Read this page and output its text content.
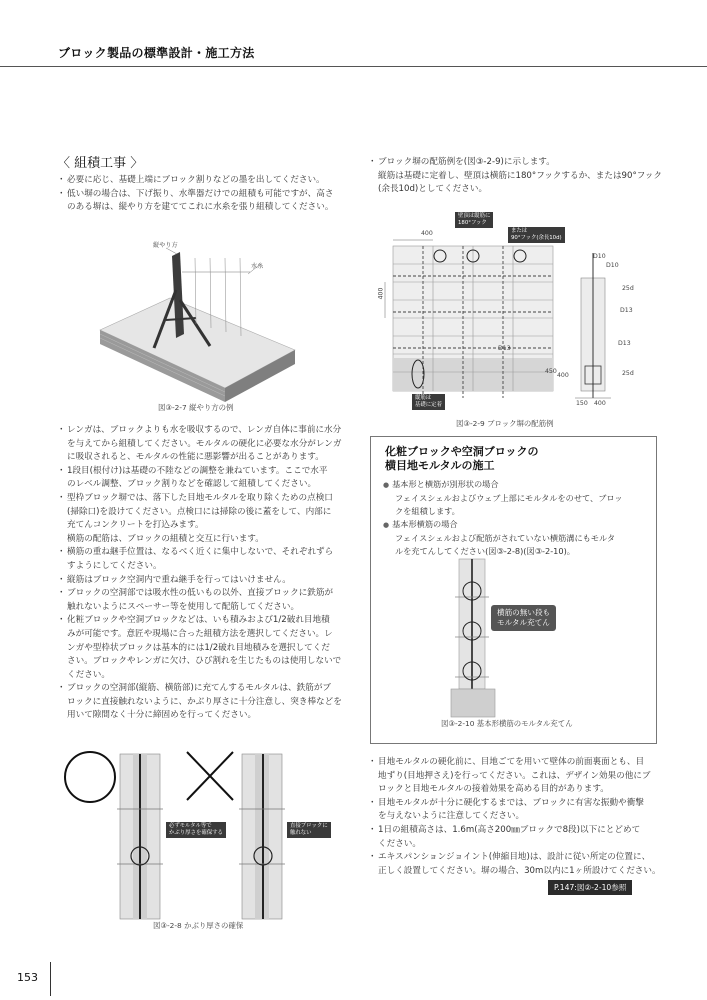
ブロック製品の標準設計・施工方法
〈 組積工事 〉
・ 必要に応じ、基礎上端にブロック割りなどの墨を出してください。
・ 低い塀の場合は、下げ振り、水準器だけでの組積も可能ですが、高さ
のある塀は、縦やり方を建ててこれに水糸を張り組積してください。
縦やり方
水糸
図③-2-7 縦やり方の例
・ レンガは、ブロックよりも水を吸収するので、レンガ自体に事前に水分
を与えてから組積してください。モルタルの硬化に必要な水分がレンガ
に吸収されると、モルタルの性能に悪影響が出ることがあります。
・ 1段目(根付け)は基礎の不陸などの調整を兼ねています。ここで水平
のレベル調整、ブロック割りなどを確認して組積してください。
・ 型枠ブロック塀では、落下した目地モルタルを取り除くための点検口
(掃除口)を設けてください。点検口には掃除の後に蓋をして、内部に
充てんコンクリートを打込みます。
横筋の配筋は、ブロックの組積と交互に行います。
・ 横筋の重ね継手位置は、なるべく近くに集中しないで、それぞれずら
すようにしてください。
・ 縦筋はブロック空洞内で重ね継手を行ってはいけません。
・ ブロックの空洞部では吸水性の低いもの以外、直接ブロックに鉄筋が
触れないようにスペーサー等を使用して配筋してください。
・ 化粧ブロックや空洞ブロックなどは、いも積みおよび1/2破れ目地積
みが可能です。意匠や現場に合った組積方法を選択してください。レ
ンガや型枠状ブロックは基本的には1/2破れ目地積みを選択してくだ
さい。ブロックやレンガに欠け、ひび割れを生じたものは使用しないで
ください。
・ ブロックの空洞部(縦筋、横筋部)に充てんするモルタルは、鉄筋がブ
ロックに直接触れないように、かぶり厚さに十分注意し、突き棒などを
用いて隙間なく十分に締固めを行ってください。
必ずモルタル等で
かぶり厚さを確保する
直接ブロックに
触れない
図③-2-8 かぶり厚さの確保
・ ブロック塀の配筋例を(図③-2-9)に示します。
縦筋は基礎に定着し、壁頂は横筋に180°フックするか、または90°フック
(余長10d)としてください。
400
400
壁頂は縦筋に
180°フック
または
90°フック(余長10d)
D13
D10
D10
25d
D13
D13
450
400	25d
150 400
縦筋は
基礎に定着
図③-2-9 ブロック塀の配筋例
化粧ブロックや空洞ブロックの
横目地モルタルの施工
● 基本形と横筋が別形状の場合
フェイスシェルおよびウェブ上部にモルタルをのせて、ブロッ
クを組積します。
● 基本形横筋の場合
フェイスシェルおよび配筋がされていない横筋溝にもモルタ
ルを充てんしてください(図③-2-8)(図③-2-10)。
横筋の無い段も
モルタル充てん
図③-2-10 基本形横筋のモルタル充てん
・ 目地モルタルの硬化前に、目地ごてを用いて壁体の前面裏面とも、目
地ずり(目地押さえ)を行ってください。これは、デザイン効果の他にブ
ロックと目地モルタルの接着効果を高める目的があります。
・ 目地モルタルが十分に硬化するまでは、ブロックに有害な振動や衝撃
を与えないように注意してください。
・ 1日の組積高さは、1.6m(高さ200㎜ブロックで8段)以下にとどめて
ください。
・ エキスパンションジョイント(伸縮目地)は、設計に従い所定の位置に、
正しく設置してください。塀の場合、30m以内に1ヶ所設けてください。
P.147:図②-2-10参照
153
